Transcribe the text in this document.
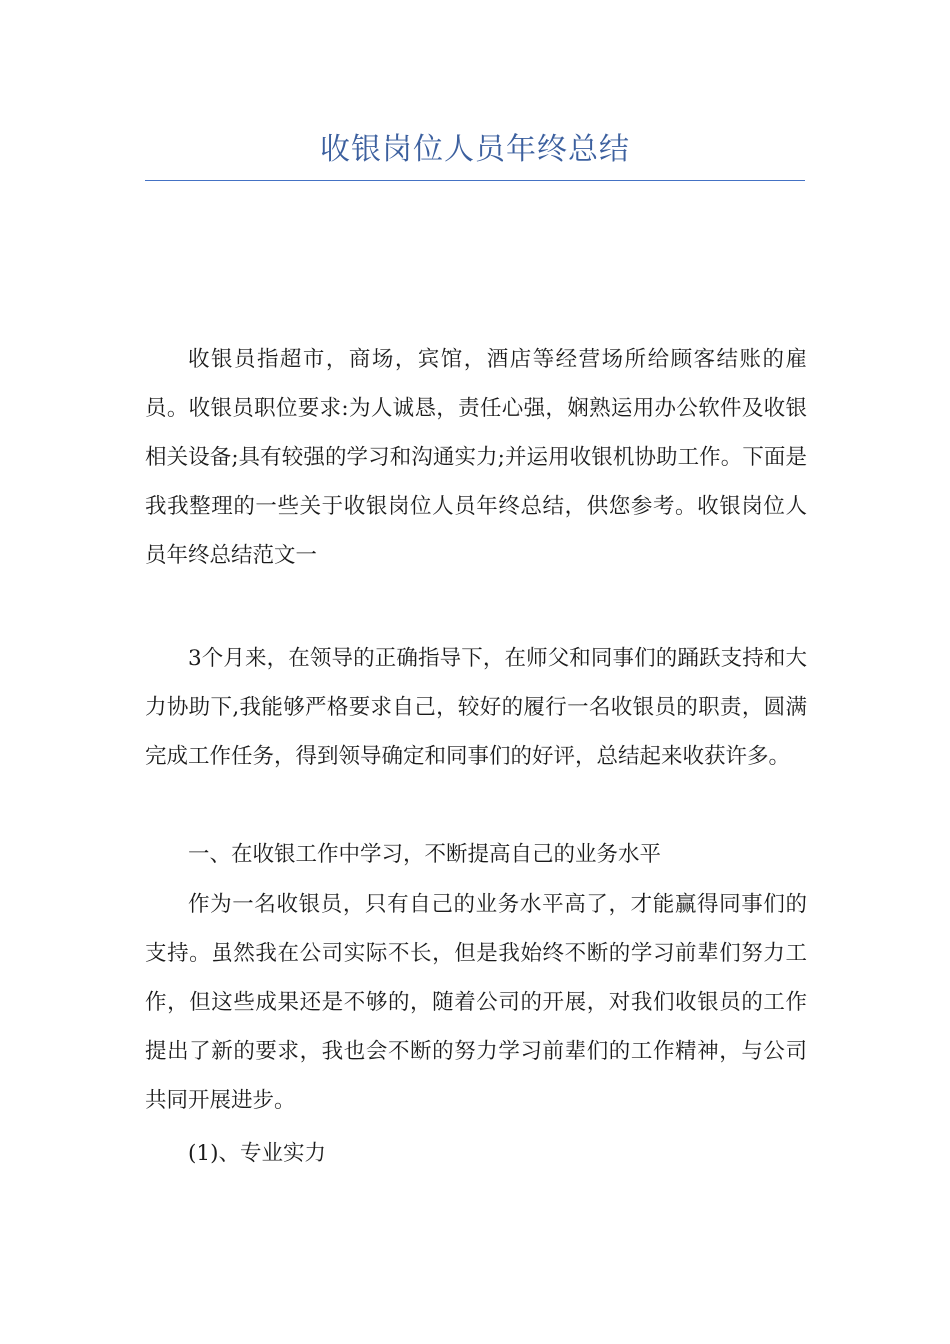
收银岗位人员年终总结

收银员指超市，商场，宾馆，酒店等经营场所给顾客结账的雇员。收银员职位要求:为人诚恳，责任心强，娴熟运用办公软件及收银相关设备;具有较强的学习和沟通实力;并运用收银机协助工作。下面是我我整理的一些关于收银岗位人员年终总结，供您参考。收银岗位人员年终总结范文一

3个月来，在领导的正确指导下，在师父和同事们的踊跃支持和大力协助下,我能够严格要求自己，较好的履行一名收银员的职责，圆满完成工作任务，得到领导确定和同事们的好评，总结起来收获许多。

一、在收银工作中学习，不断提高自己的业务水平

作为一名收银员，只有自己的业务水平高了，才能赢得同事们的支持。虽然我在公司实际不长，但是我始终不断的学习前辈们努力工作，但这些成果还是不够的，随着公司的开展，对我们收银员的工作提出了新的要求，我也会不断的努力学习前辈们的工作精神，与公司共同开展进步。

(1)、专业实力
